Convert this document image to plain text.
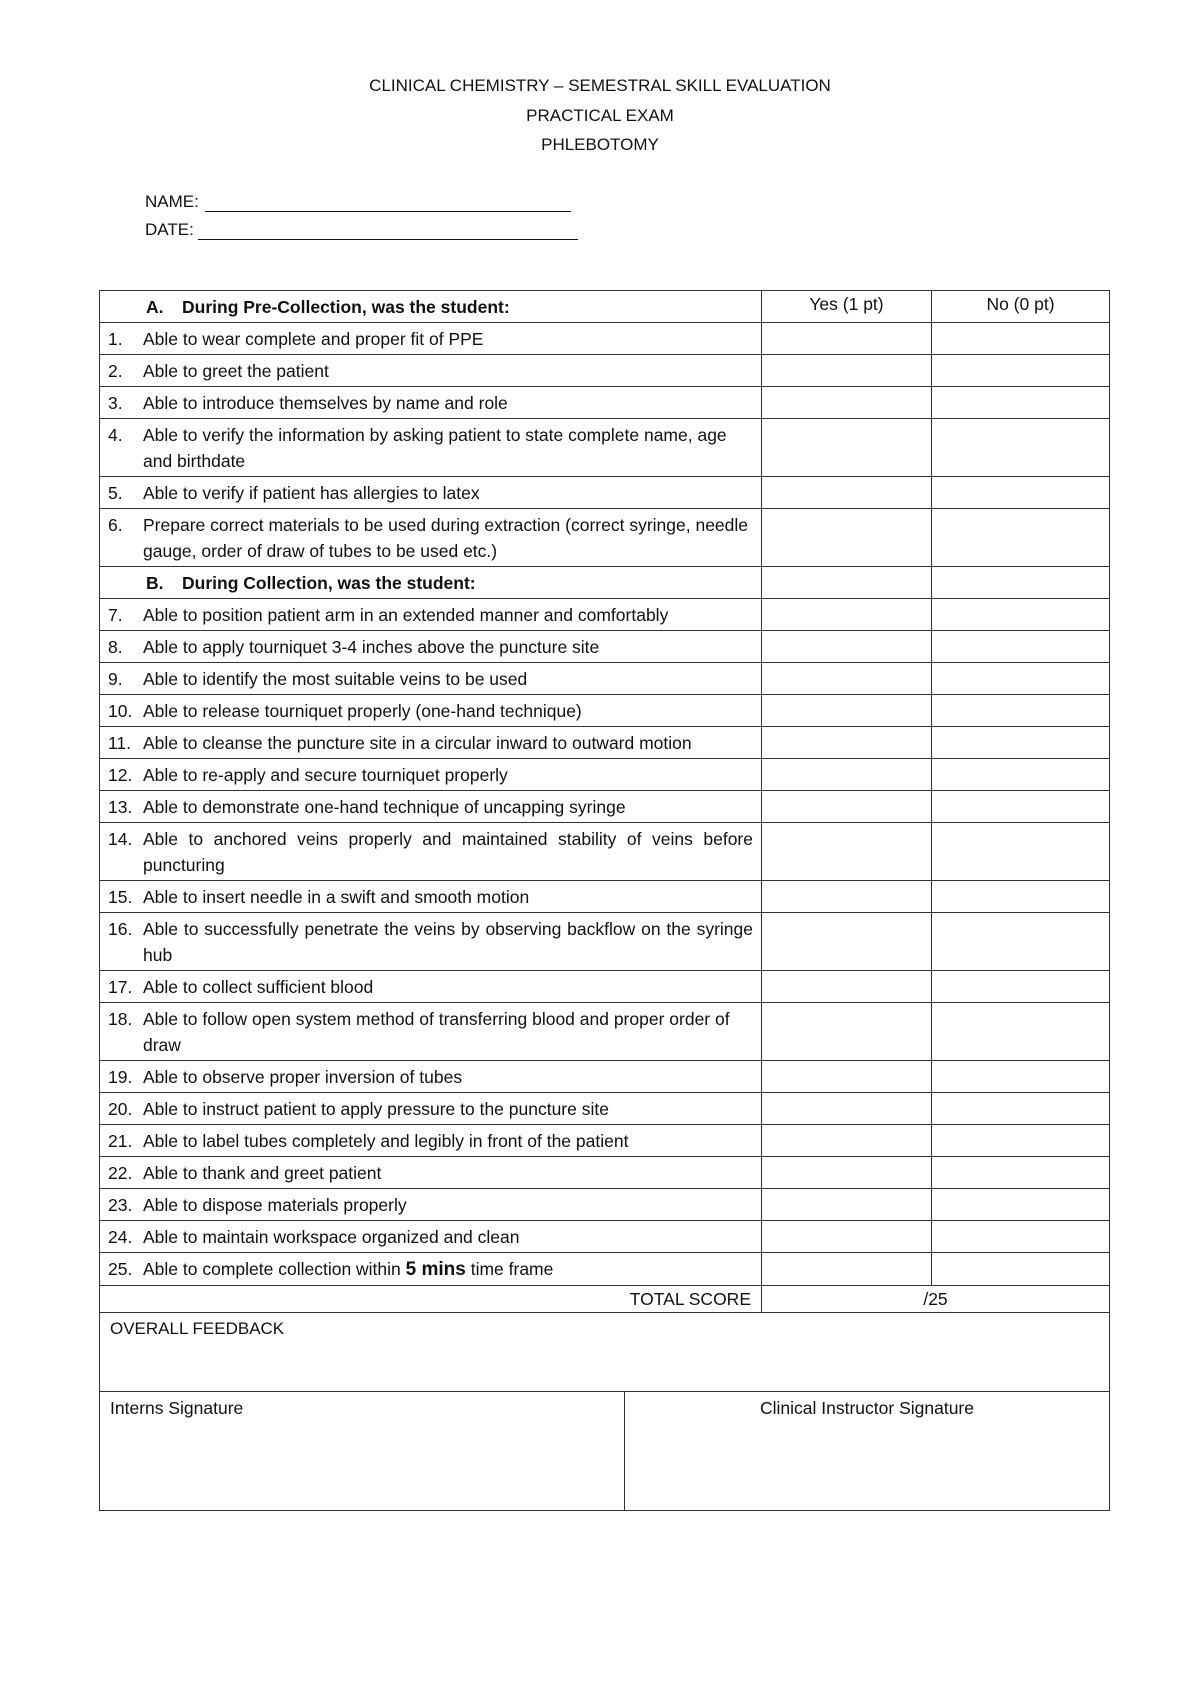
CLINICAL CHEMISTRY – SEMESTRAL SKILL EVALUATION
PRACTICAL EXAM
PHLEBOTOMY
NAME:
DATE:
A. During Pre-Collection, was the student:	Yes (1 pt)	No (0 pt)

1. Able to wear complete and proper fit of PPE		

2. Able to greet the patient		

3. Able to introduce themselves by name and role		

4. Able to verify the information by asking patient to state complete name, age and birthdate		

5. Able to verify if patient has allergies to latex		

6. Prepare correct materials to be used during extraction (correct syringe, needle gauge, order of draw of tubes to be used etc.)		

B. During Collection, was the student:		

7. Able to position patient arm in an extended manner and comfortably		

8. Able to apply tourniquet 3-4 inches above the puncture site		

9. Able to identify the most suitable veins to be used		

10. Able to release tourniquet properly (one-hand technique)		

11. Able to cleanse the puncture site in a circular inward to outward motion		

12. Able to re-apply and secure tourniquet properly		

13. Able to demonstrate one-hand technique of uncapping syringe		

14. Able to anchored veins properly and maintained stability of veins before puncturing		

15. Able to insert needle in a swift and smooth motion		

16. Able to successfully penetrate the veins by observing backflow on the syringe hub		

17. Able to collect sufficient blood		

18. Able to follow open system method of transferring blood and proper order of draw		

19. Able to observe proper inversion of tubes		

20. Able to instruct patient to apply pressure to the puncture site		

21. Able to label tubes completely and legibly in front of the patient		

22. Able to thank and greet patient		

23. Able to dispose materials properly		

24. Able to maintain workspace organized and clean		

25. Able to complete collection within 5 mins time frame		

TOTAL SCORE	/25	
OVERALL FEEDBACK		
Interns Signature	Clinical Instructor Signature
